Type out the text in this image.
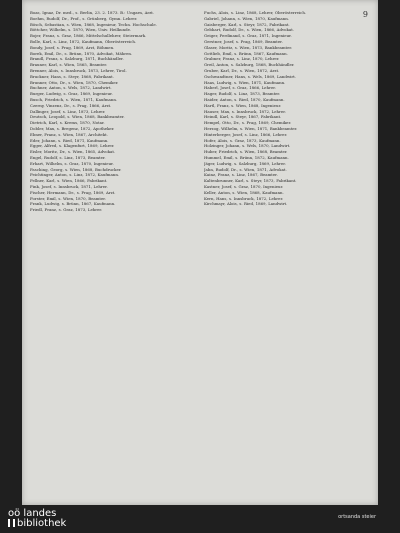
9
Boas, Ignaz, Dr. med., s. Berlin, 23. 2. 1873. B.: Ungarn, Arzt.
Boehm, Rudolf, Dr., Prof., s. Grünberg, Gymn. Lehrer.
Bösch, Sebastian, s. Wien, 1868, Ingenieur, Techn. Hochschule.
Böttcher, Wilhelm, s. 1870, Wien, Univ. Heilkunde.
Bojer, Franz, s. Graz, 1866, Mittelschullehrer, Steiermark.
Bolle, Karl, s. Linz, 1872, Kaufmann, Oberösterreich.
Bondy, Josef, s. Prag, 1869, Arzt, Böhmen.
Borek, Emil, Dr., s. Brünn, 1870, Advokat, Mähren.
Brandl, Franz, s. Salzburg, 1871, Buchhändler.
Brauner, Karl, s. Wien, 1865, Beamter.
Brenner, Alois, s. Innsbruck, 1873, Lehrer, Tirol.
Bruckner, Hans, s. Steyr, 1868, Fabrikant.
Brunner, Otto, Dr., s. Wien, 1870, Chemiker.
Buchner, Anton, s. Wels, 1872, Landwirt.
Burger, Ludwig, s. Graz, 1869, Ingenieur.
Busch, Friedrich, s. Wien, 1871, Kaufmann.
Czerny, Vinzenz, Dr., s. Prag, 1866, Arzt.
Dallinger, Josef, s. Linz, 1873, Lehrer.
Deutsch, Leopold, s. Wien, 1868, Bankbeamter.
Dietrich, Karl, s. Krems, 1870, Notar.
Dobler, Max, s. Bregenz, 1872, Apotheker.
Ebner, Franz, s. Wien, 1867, Architekt.
Eder, Johann, s. Ried, 1871, Kaufmann.
Egger, Alfred, s. Klagenfurt, 1869, Lehrer.
Eisler, Moritz, Dr., s. Wien, 1865, Advokat.
Engel, Rudolf, s. Linz, 1873, Beamter.
Erhart, Wilhelm, s. Graz, 1870, Ingenieur.
Fasching, Georg, s. Wien, 1868, Buchdrucker.
Feichtinger, Anton, s. Linz, 1872, Kaufmann.
Fellner, Karl, s. Wien, 1866, Fabrikant.
Fink, Josef, s. Innsbruck, 1871, Lehrer.
Fischer, Hermann, Dr., s. Prag, 1869, Arzt.
Forster, Emil, s. Wien, 1870, Beamter.
Frank, Ludwig, s. Brünn, 1867, Kaufmann.
Friedl, Franz, s. Graz, 1873, Lehrer.
Fuchs, Alois, s. Linz, 1868, Lehrer, Oberösterreich.
Gabriel, Johann, s. Wien, 1870, Kaufmann.
Gaisberger, Karl, s. Steyr, 1872, Fabrikant.
Gebhart, Rudolf, Dr., s. Wien, 1866, Advokat.
Geiger, Ferdinand, s. Graz, 1871, Ingenieur.
Gerstner, Josef, s. Prag, 1869, Beamter.
Glaser, Moritz, s. Wien, 1873, Bankbeamter.
Gottlieb, Emil, s. Brünn, 1867, Kaufmann.
Grabner, Franz, s. Linz, 1870, Lehrer.
Greil, Anton, s. Salzburg, 1868, Buchhändler.
Gruber, Karl, Dr., s. Wien, 1872, Arzt.
Gschwandtner, Hans, s. Wels, 1869, Landwirt.
Haas, Ludwig, s. Wien, 1871, Kaufmann.
Haberl, Josef, s. Graz, 1866, Lehrer.
Hager, Rudolf, s. Linz, 1873, Beamter.
Haider, Anton, s. Ried, 1870, Kaufmann.
Hartl, Franz, s. Wien, 1868, Ingenieur.
Hauser, Max, s. Innsbruck, 1872, Lehrer.
Heindl, Karl, s. Steyr, 1867, Fabrikant.
Hempel, Otto, Dr., s. Prag, 1869, Chemiker.
Herzog, Wilhelm, s. Wien, 1871, Bankbeamter.
Hinterberger, Josef, s. Linz, 1866, Lehrer.
Hofer, Alois, s. Graz, 1873, Kaufmann.
Holzinger, Johann, s. Wels, 1870, Landwirt.
Huber, Friedrich, s. Wien, 1868, Beamter.
Hummel, Emil, s. Brünn, 1872, Kaufmann.
Jäger, Ludwig, s. Salzburg, 1869, Lehrer.
Jahn, Rudolf, Dr., s. Wien, 1871, Advokat.
Kainz, Franz, s. Linz, 1867, Beamter.
Kaltenbrunner, Karl, s. Steyr, 1873, Fabrikant.
Kastner, Josef, s. Graz, 1870, Ingenieur.
Keller, Anton, s. Wien, 1868, Kaufmann.
Kern, Hans, s. Innsbruck, 1872, Lehrer.
Kirchmayr, Alois, s. Ried, 1869, Landwirt.
oö landes
bibliothek
ortsanda steier
